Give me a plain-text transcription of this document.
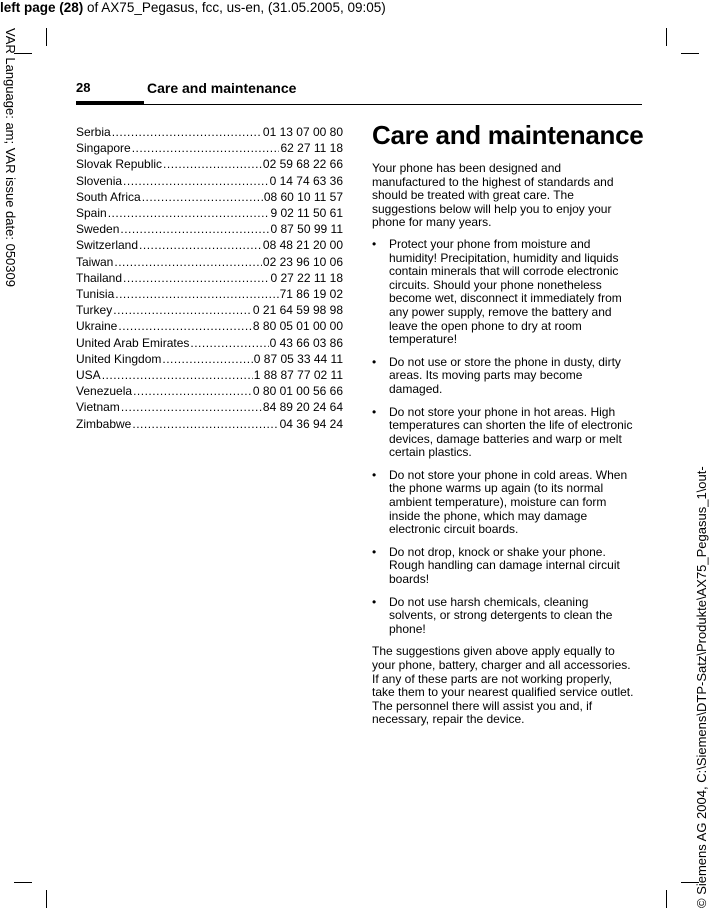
left page (28) of AX75_Pegasus, fcc, us-en, (31.05.2005, 09:05)
VAR Language: am; VAR issue date: 050309
© Siemens AG 2004, C:\Siemens\DTP-Satz\Produkte\AX75_Pegasus_1\out-
28	Care and maintenance
Serbia .....	01 13 07 00 80
Singapore .....	62 27 11 18
Slovak Republic .....	02 59 68 22 66
Slovenia .....	0 14 74 63 36
South Africa .....	08 60 10 11 57
Spain .....	9 02 11 50 61
Sweden .....	0 87 50 99 11
Switzerland .....	08 48 21 20 00
Taiwan .....	02 23 96 10 06
Thailand .....	0 27 22 11 18
Tunisia .....	71 86 19 02
Turkey .....	0 21 64 59 98 98
Ukraine .....	8 80 05 01 00 00
United Arab Emirates .....	0 43 66 03 86
United Kingdom .....	0 87 05 33 44 11
USA .....	1 88 87 77 02 11
Venezuela .....	0 80 01 00 56 66
Vietnam .....	84 89 20 24 64
Zimbabwe .....	04 36 94 24
Care and maintenance

Your phone has been designed and manufactured to the highest of standards and should be treated with great care. The suggestions below will help you to enjoy your phone for many years.

• Protect your phone from moisture and humidity! Precipitation, humidity and liquids contain minerals that will corrode electronic circuits. Should your phone nonetheless become wet, disconnect it immediately from any power supply, remove the battery and leave the open phone to dry at room temperature!
• Do not use or store the phone in dusty, dirty areas. Its moving parts may become damaged.
• Do not store your phone in hot areas. High temperatures can shorten the life of electronic devices, damage batteries and warp or melt certain plastics.
• Do not store your phone in cold areas. When the phone warms up again (to its normal ambient temperature), moisture can form inside the phone, which may damage electronic circuit boards.
• Do not drop, knock or shake your phone. Rough handling can damage internal circuit boards!
• Do not use harsh chemicals, cleaning solvents, or strong detergents to clean the phone!

The suggestions given above apply equally to your phone, battery, charger and all accessories. If any of these parts are not working properly, take them to your nearest qualified service outlet. The personnel there will assist you and, if necessary, repair the device.
